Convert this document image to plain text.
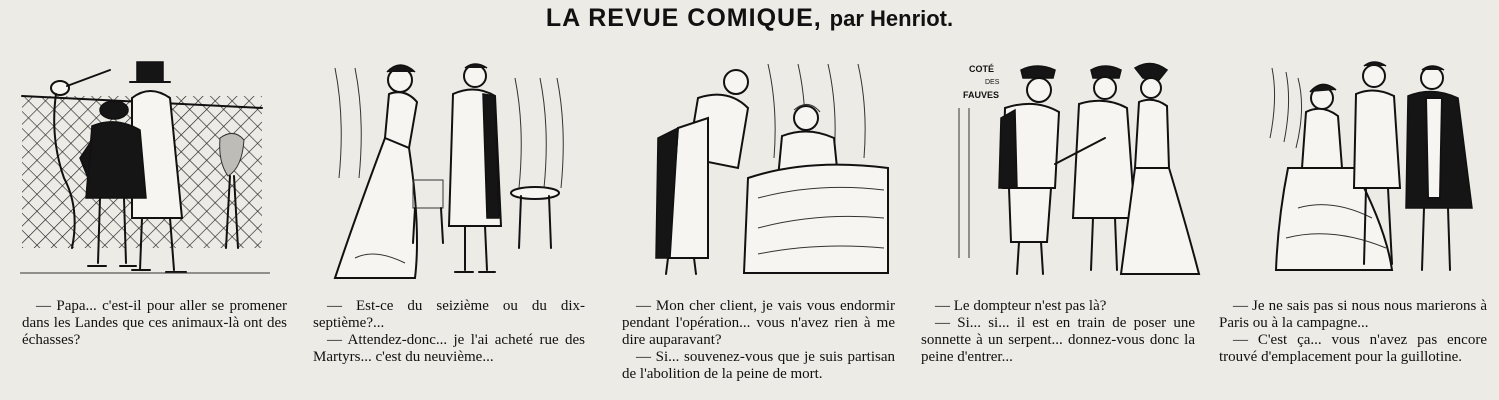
LA REVUE COMIQUE, par Henriot.
COTÉ
DES
FAUVES

— Papa... c'est-il pour aller se promener dans les Landes que ces animaux-là ont des échasses?

— Est-ce du seizième ou du dix-septième?...

— Attendez-donc... je l'ai acheté rue des Martyrs... c'est du neuvième...

— Mon cher client, je vais vous endormir pendant l'opération... vous n'avez rien à me dire auparavant?

— Si... souvenez-vous que je suis partisan de l'abolition de la peine de mort.

— Le dompteur n'est pas là?

— Si... si... il est en train de poser une sonnette à un serpent... donnez-vous donc la peine d'entrer...

— Je ne sais pas si nous nous marierons à Paris ou à la campagne...

— C'est ça... vous n'avez pas encore trouvé d'emplacement pour la guillotine.
